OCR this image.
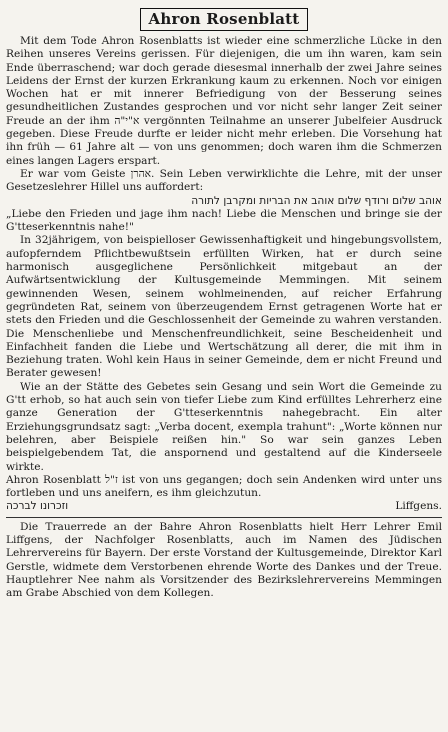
Ahron Rosenblatt

Mit dem Tode Ahron Rosenblatts ist wieder eine schmerzliche Lücke in den Reihen unseres Vereins gerissen. Für diejenigen, die um ihn waren, kam sein Ende überraschend; war doch gerade diesesmal innerhalb der zwei Jahre seines Leidens der Ernst der kurzen Erkrankung kaum zu erkennen. Noch vor einigen Wochen hat er mit innerer Befriedigung von der Besserung seines gesundheitlichen Zustandes gesprochen und vor nicht sehr langer Zeit seiner Freude an der ihm א"י"ה vergönnten Teilnahme an unserer Jubelfeier Ausdruck gegeben. Diese Freude durfte er leider nicht mehr erleben. Die Vorsehung hat ihn früh — 61 Jahre alt — von uns genommen; doch waren ihm die Schmerzen eines langen Lagers erspart.

Er war vom Geiste אהרן. Sein Leben verwirklichte die Lehre, mit der unser Gesetzeslehrer Hillel uns auffordert:

אוהב שלום ורודף שלום אוהב את הבריות ומקרבן לתורה

„Liebe den Frieden und jage ihm nach! Liebe die Menschen und bringe sie der G'tteserkenntnis nahe!"

In 32jährigem, von beispielloser Gewissenhaftigkeit und hingebungsvollstem, aufopferndem Pflichtbewußtsein erfüllten Wirken, hat er durch seine harmonisch ausgeglichene Persönlichkeit mitgebaut an der Aufwärtsentwicklung der Kultusgemeinde Memmingen. Mit seinem gewinnenden Wesen, seinem wohlmeinenden, auf reicher Erfahrung gegründeten Rat, seinem von überzeugendem Ernst getragenen Worte hat er stets den Frieden und die Geschlossenheit der Gemeinde zu wahren verstanden. Die Menschenliebe und Menschenfreundlichkeit, seine Bescheidenheit und Einfachheit fanden die Liebe und Wertschätzung all derer, die mit ihm in Beziehung traten. Wohl kein Haus in seiner Gemeinde, dem er nicht Freund und Berater gewesen!

Wie an der Stätte des Gebetes sein Gesang und sein Wort die Gemeinde zu G'tt erhob, so hat auch sein von tiefer Liebe zum Kind erfülltes Lehrerherz eine ganze Generation der G'tteserkenntnis nahegebracht. Ein alter Erziehungsgrundsatz sagt: „Verba docent, exempla trahunt": „Worte können nur belehren, aber Beispiele reißen hin." So war sein ganzes Leben beispielgebendem Tat, die anspornend und gestaltend auf die Kinderseele wirkte.

Ahron Rosenblatt ז"ל ist von uns gegangen; doch sein Andenken wird unter uns fortleben und uns aneifern, es ihm gleichzutun.

וזכרונו לברכה	Liffgens.

Die Trauerrede an der Bahre Ahron Rosenblatts hielt Herr Lehrer Emil Liffgens, der Nachfolger Rosenblatts, auch im Namen des Jüdischen Lehrervereins für Bayern. Der erste Vorstand der Kultusgemeinde, Direktor Karl Gerstle, widmete dem Verstorbenen ehrende Worte des Dankes und der Treue. Hauptlehrer Nee nahm als Vorsitzender des Bezirkslehrervereins Memmingen am Grabe Abschied von dem Kollegen.
